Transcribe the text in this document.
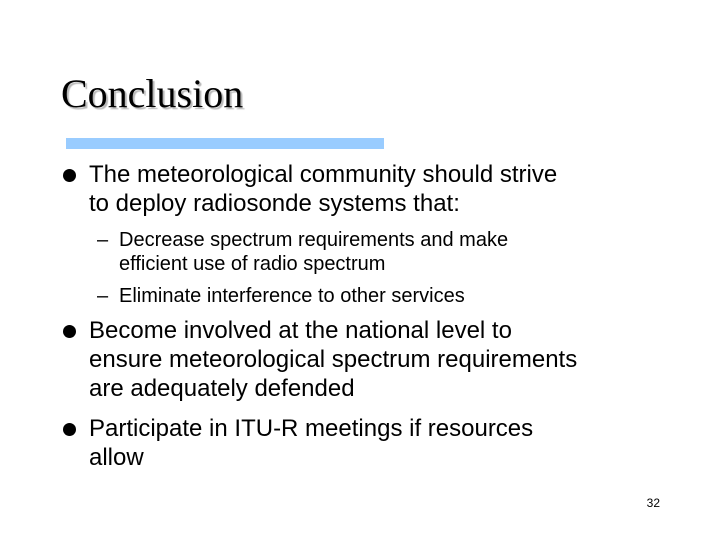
Conclusion
The meteorological community should strive
to deploy radiosonde systems that:
– Decrease spectrum requirements and make
efficient use of radio spectrum
– Eliminate interference to other services
Become involved at the national level to
ensure meteorological spectrum requirements
are adequately defended
Participate in ITU-R meetings if resources
allow
32
